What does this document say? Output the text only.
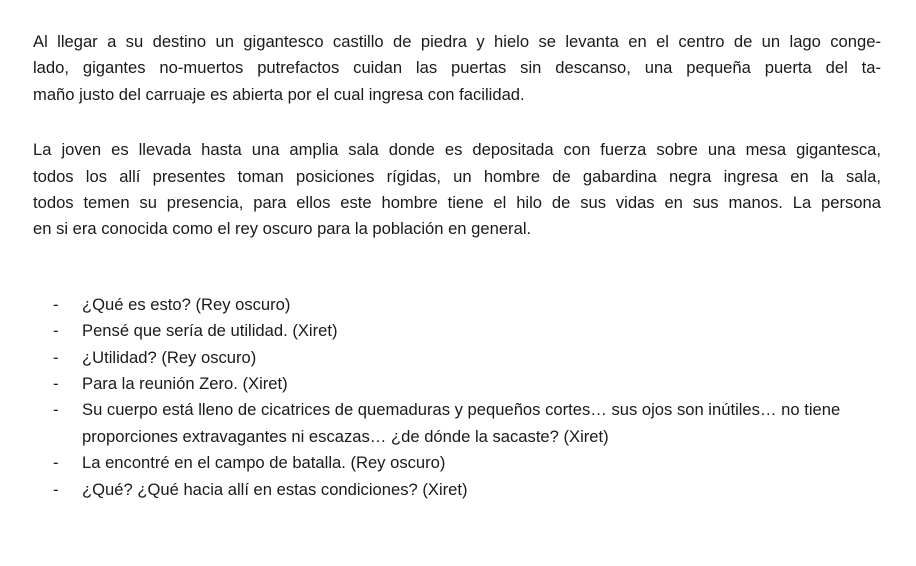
Al llegar a su destino un gigantesco castillo de piedra y hielo se levanta en el centro de un lago conge-
lado, gigantes no-muertos putrefactos cuidan las puertas sin descanso, una pequeña puerta del ta-
maño justo del carruaje es abierta por el cual ingresa con facilidad.

La joven es llevada hasta una amplia sala donde es depositada con fuerza sobre una mesa gigantesca,
todos los allí presentes toman posiciones rígidas, un hombre de gabardina negra ingresa en la sala,
todos temen su presencia, para ellos este hombre tiene el hilo de sus vidas en sus manos. La persona
en si era conocida como el rey oscuro para la población en general.

- ¿Qué es esto? (Rey oscuro)
- Pensé que sería de utilidad. (Xiret)
- ¿Utilidad? (Rey oscuro)
- Para la reunión Zero. (Xiret)
- Su cuerpo está lleno de cicatrices de quemaduras y pequeños cortes… sus ojos son inútiles… no tiene proporciones extravagantes ni escazas… ¿de dónde la sacaste? (Xiret)
- La encontré en el campo de batalla. (Rey oscuro)
- ¿Qué? ¿Qué hacia allí en estas condiciones? (Xiret)
